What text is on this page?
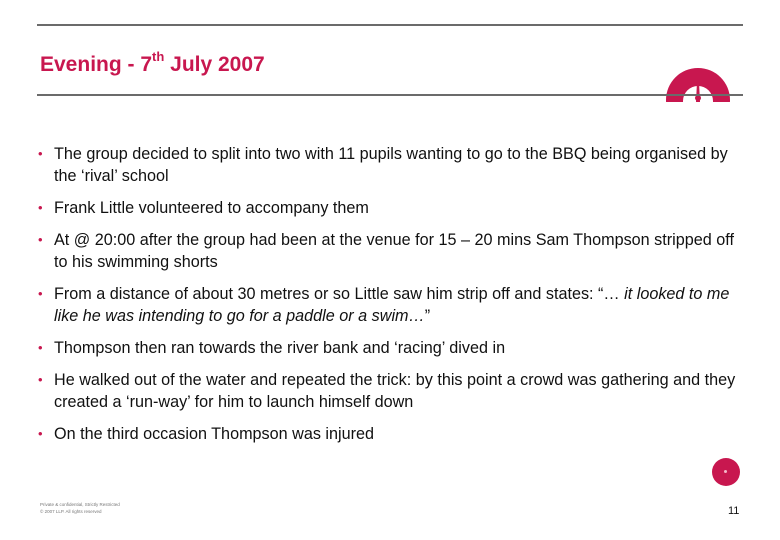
Evening - 7th July 2007
• The group decided to split into two with 11 pupils wanting to go to the BBQ being organised by the ‘rival’ school
• Frank Little volunteered to accompany them
• At @ 20:00 after the group had been at the venue for 15 – 20 mins Sam Thompson stripped off to his swimming shorts
• From a distance of about 30 metres or so Little saw him strip off and states: “… it looked to me like he was intending to go for a paddle or a swim…”
• Thompson then ran towards the river bank and ‘racing’ dived in
• He walked out of the water and repeated the trick: by this point a crowd was gathering and they created a ‘run-way’ for him to launch himself down
• On the third occasion Thompson was injured
Private & confidential, Strictly Restricted
© 2007 LLP. All rights reserved	11
